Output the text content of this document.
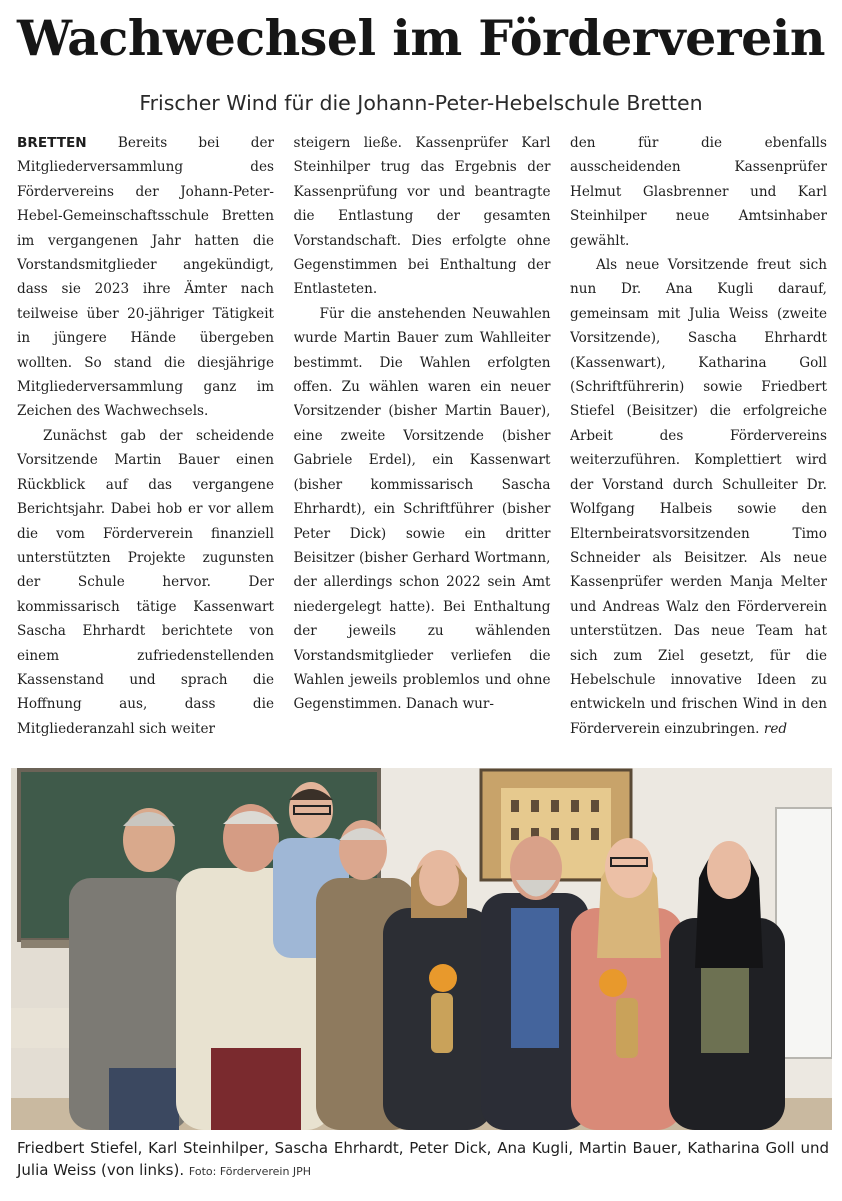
Wachwechsel im Förderverein
Frischer Wind für die Johann-Peter-Hebelschule Bretten

BRETTEN Bereits bei der Mitgliederversammlung des Fördervereins der Johann-Peter-Hebel-Gemeinschaftsschule Bretten im vergangenen Jahr hatten die Vorstandsmitglieder angekündigt, dass sie 2023 ihre Ämter nach teilweise über 20-jähriger Tätigkeit in jüngere Hände übergeben wollten. So stand die diesjährige Mitgliederversammlung ganz im Zeichen des Wachwechsels.

Zunächst gab der scheidende Vorsitzende Martin Bauer einen Rückblick auf das vergangene Berichtsjahr. Dabei hob er vor allem die vom Förderverein finanziell unterstützten Projekte zugunsten der Schule hervor. Der kommissarisch tätige Kassenwart Sascha Ehrhardt berichtete von einem zufriedenstellenden Kassenstand und sprach die Hoffnung aus, dass die Mitgliederanzahl sich weiter

steigern ließe. Kassenprüfer Karl Steinhilper trug das Ergebnis der Kassenprüfung vor und beantragte die Entlastung der gesamten Vorstandschaft. Dies erfolgte ohne Gegenstimmen bei Enthaltung der Entlasteten.

Für die anstehenden Neuwahlen wurde Martin Bauer zum Wahlleiter bestimmt. Die Wahlen erfolgten offen. Zu wählen waren ein neuer Vorsitzender (bisher Martin Bauer), eine zweite Vorsitzende (bisher Gabriele Erdel), ein Kassenwart (bisher kommissarisch Sascha Ehrhardt), ein Schriftführer (bisher Peter Dick) sowie ein dritter Beisitzer (bisher Gerhard Wortmann, der allerdings schon 2022 sein Amt niedergelegt hatte). Bei Enthaltung der jeweils zu wählenden Vorstandsmitglieder verliefen die Wahlen jeweils problemlos und ohne Gegenstimmen. Danach wur-

den für die ebenfalls ausscheidenden Kassenprüfer Helmut Glasbrenner und Karl Steinhilper neue Amtsinhaber gewählt.

Als neue Vorsitzende freut sich nun Dr. Ana Kugli darauf, gemeinsam mit Julia Weiss (zweite Vorsitzende), Sascha Ehrhardt (Kassenwart), Katharina Goll (Schriftführerin) sowie Friedbert Stiefel (Beisitzer) die erfolgreiche Arbeit des Fördervereins weiterzuführen. Komplettiert wird der Vorstand durch Schulleiter Dr. Wolfgang Halbeis sowie den Elternbeiratsvorsitzenden Timo Schneider als Beisitzer. Als neue Kassenprüfer werden Manja Melter und Andreas Walz den Förderverein unterstützen. Das neue Team hat sich zum Ziel gesetzt, für die Hebelschule innovative Ideen zu entwickeln und frischen Wind in den Förderverein einzubringen. red

Friedbert Stiefel, Karl Steinhilper, Sascha Ehrhardt, Peter Dick, Ana Kugli, Martin Bauer, Katharina Goll und Julia Weiss (von links). Foto: Förderverein JPH
